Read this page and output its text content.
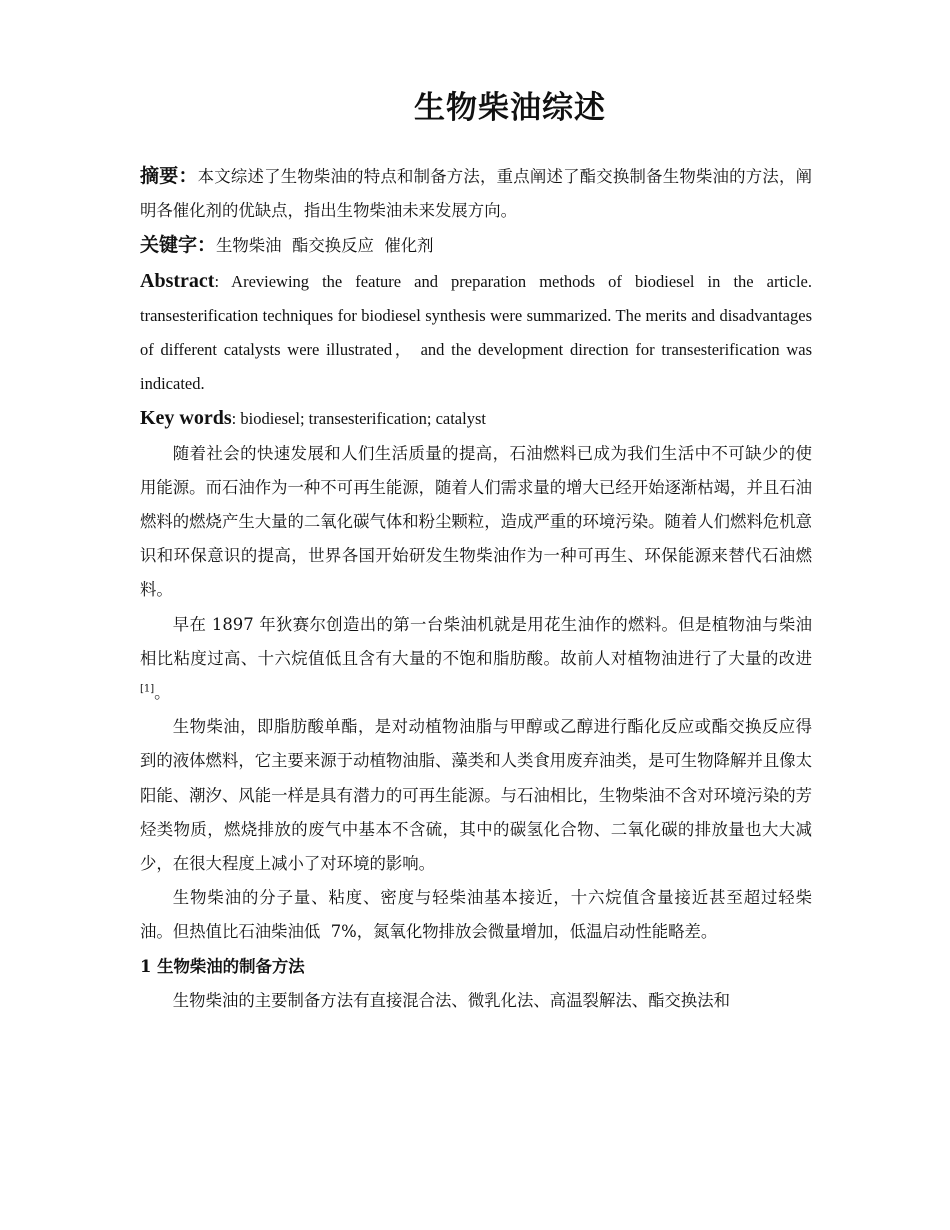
生物柴油综述

摘要：本文综述了生物柴油的特点和制备方法，重点阐述了酯交换制备生物柴油的方法，阐明各催化剂的优缺点，指出生物柴油未来发展方向。

关键字：生物柴油  酯交换反应  催化剂

Abstract: Areviewing the feature and preparation methods of biodiesel in the article. transesterification techniques for biodiesel synthesis were summarized. The merits and disadvantages of different catalysts were illustrated， and the development direction for transesterification was indicated.

Key words: biodiesel; transesterification; catalyst

随着社会的快速发展和人们生活质量的提高，石油燃料已成为我们生活中不可缺少的使用能源。而石油作为一种不可再生能源，随着人们需求量的增大已经开始逐渐枯竭，并且石油燃料的燃烧产生大量的二氧化碳气体和粉尘颗粒，造成严重的环境污染。随着人们燃料危机意识和环保意识的提高，世界各国开始研发生物柴油作为一种可再生、环保能源来替代石油燃料。

早在 1897 年狄赛尔创造出的第一台柴油机就是用花生油作的燃料。但是植物油与柴油相比粘度过高、十六烷值低且含有大量的不饱和脂肪酸。故前人对植物油进行了大量的改进[1]。

生物柴油，即脂肪酸单酯，是对动植物油脂与甲醇或乙醇进行酯化反应或酯交换反应得到的液体燃料，它主要来源于动植物油脂、藻类和人类食用废弃油类，是可生物降解并且像太阳能、潮汐、风能一样是具有潜力的可再生能源。与石油相比，生物柴油不含对环境污染的芳烃类物质，燃烧排放的废气中基本不含硫，其中的碳氢化合物、二氧化碳的排放量也大大减少，在很大程度上减小了对环境的影响。

生物柴油的分子量、粘度、密度与轻柴油基本接近，十六烷值含量接近甚至超过轻柴油。但热值比石油柴油低  7%，氮氧化物排放会微量增加，低温启动性能略差。

1 生物柴油的制备方法

生物柴油的主要制备方法有直接混合法、微乳化法、高温裂解法、酯交换法和
